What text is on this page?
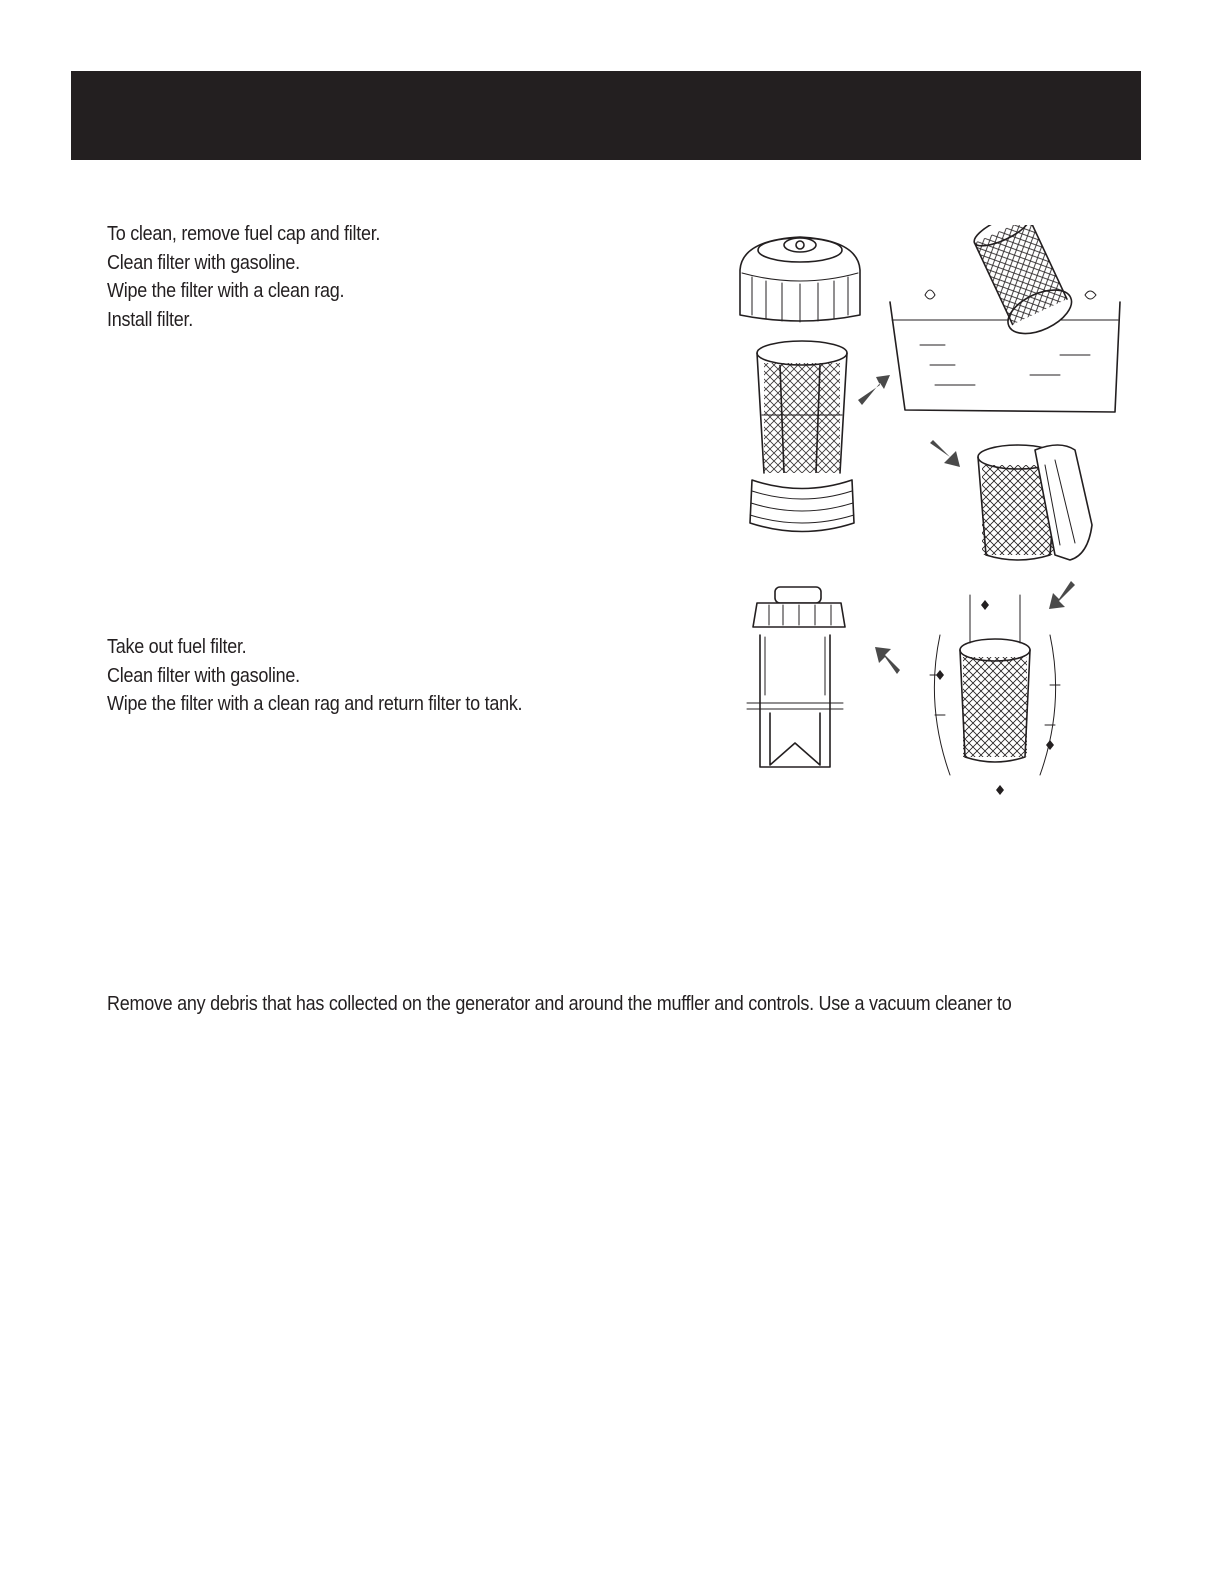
To clean, remove fuel cap and filter.
Clean filter with gasoline.
Wipe the filter with a clean rag.
Install filter.
Take out fuel filter.
Clean filter with gasoline.
Wipe the filter with a clean rag and return filter to tank.
Remove any debris that has collected on the generator and around the muffler and controls. Use a vacuum cleaner to
